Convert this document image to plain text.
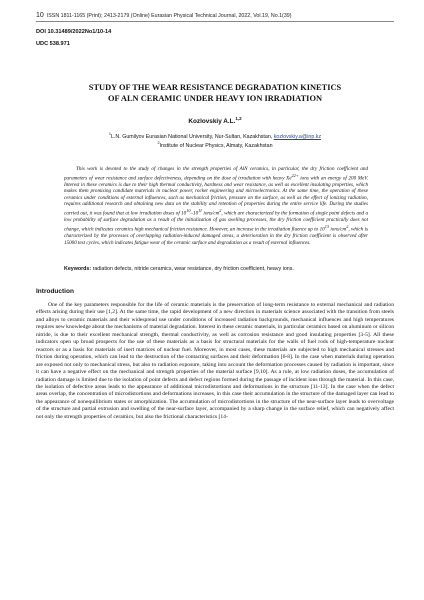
10 ISSN 1811-1165 (Print); 2413-2179 (Online) Eurasian Physical Technical Journal, 2022, Vol.19, No.1(39)
DOI 10.31489/2022No1/10-14
UDC 538.971
STUDY OF THE WEAR RESISTANCE DEGRADATION KINETICS
OF ALN CERAMIC UNDER HEAVY ION IRRADIATION
Kozlovskiy A.L.$^{1,2}$
$^1$L.N. Gumilyov Eurasian National University, Nur-Sultan, Kazakhstan, kozlovskiy.a@inp.kz
$^2$Institute of Nuclear Physics, Almaty, Kazakhstan
This work is devoted to the study of changes in the strength properties of AlN ceramics, in particular, the dry friction coefficient and parameters of wear resistance and surface defectiveness, depending on the dose of irradiation with heavy $Xe^{22+}$ ions with an energy of 200 MeV. Interest in these ceramics is due to their high thermal conductivity, hardness and wear resistance, as well as excellent insulating properties, which makes them promising candidate materials in nuclear power, rocket engineering and microelectronics. At the same time, the operation of these ceramics under conditions of external influences, such as mechanical friction, pressure on the surface, as well as the effect of ionizing radiation, requires additional research and obtaining new data on the stability and retention of properties during the entire service life. During the studies carried out, it was found that at low irradiation doses of $10^{10}-10^{11}$ ions/$cm^2$, which are characterized by the formation of single point defects and a low probability of surface degradation as a result of the initialization of gas swelling processes, the dry friction coefficient practically does not change, which indicates ceramics high mechanical friction resistance. However, an increase in the irradiation fluence up to $10^{13}$ ions/$cm^2$, which is characterized by the processes of overlapping radiation-induced damaged areas, a deterioration in the dry friction coefficient is observed after 15000 test cycles, which indicates fatigue wear of the ceramic surface and degradation as a result of external influences.
Keywords: radiation defects, nitride ceramics, wear resistance, dry friction coefficient, heavy ions.
Introduction
One of the key parameters responsible for the life of ceramic materials is the preservation of long-term resistance to external mechanical and radiation effects arising during their use [1,2]. At the same time, the rapid development of a new direction in materials science associated with the transition from steels and alloys to ceramic materials and their widespread use under conditions of increased radiation backgrounds, mechanical influences and high temperatures requires new knowledge about the mechanisms of material degradation. Interest in these ceramic materials, in particular ceramics based on aluminum or silicon nitride, is due to their excellent mechanical strength, thermal conductivity, as well as corrosion resistance and good insulating properties [3-5]. All these indicators open up broad prospects for the use of these materials as a basis for structural materials for the walls of fuel rods of high-temperature nuclear reactors or as a basis for materials of inert matrices of nuclear fuel. Moreover, in most cases, these materials are subjected to high mechanical stresses and friction during operation, which can lead to the destruction of the contacting surfaces and their deformation [6-8]. In the case when materials during operation are exposed not only to mechanical stress, but also to radiation exposure, taking into account the deformation processes caused by radiation is important, since it can have a negative effect on the mechanical and strength properties of the material surface [9,10]. As a rule, at low radiation doses, the accumulation of radiation damage is limited due to the isolation of point defects and defect regions formed during the passage of incident ions through the material. In this case, the isolation of defective areas leads to the appearance of additional microdistortions and deformations in the structure [11-13]. In the case when the defect areas overlap, the concentration of microdistortions and deformations increases, in this case their accumulation in the structure of the damaged layer can lead to the appearance of nonequilibrium states or amorphization. The accumulation of microdistortions in the structure of the near-surface layer leads to overvoltage of the structure and partial extrusion and swelling of the near-surface layer, accompanied by a sharp change in the surface relief, which can negatively affect not only the strength properties of ceramics, but also the frictional characteristics [14-
